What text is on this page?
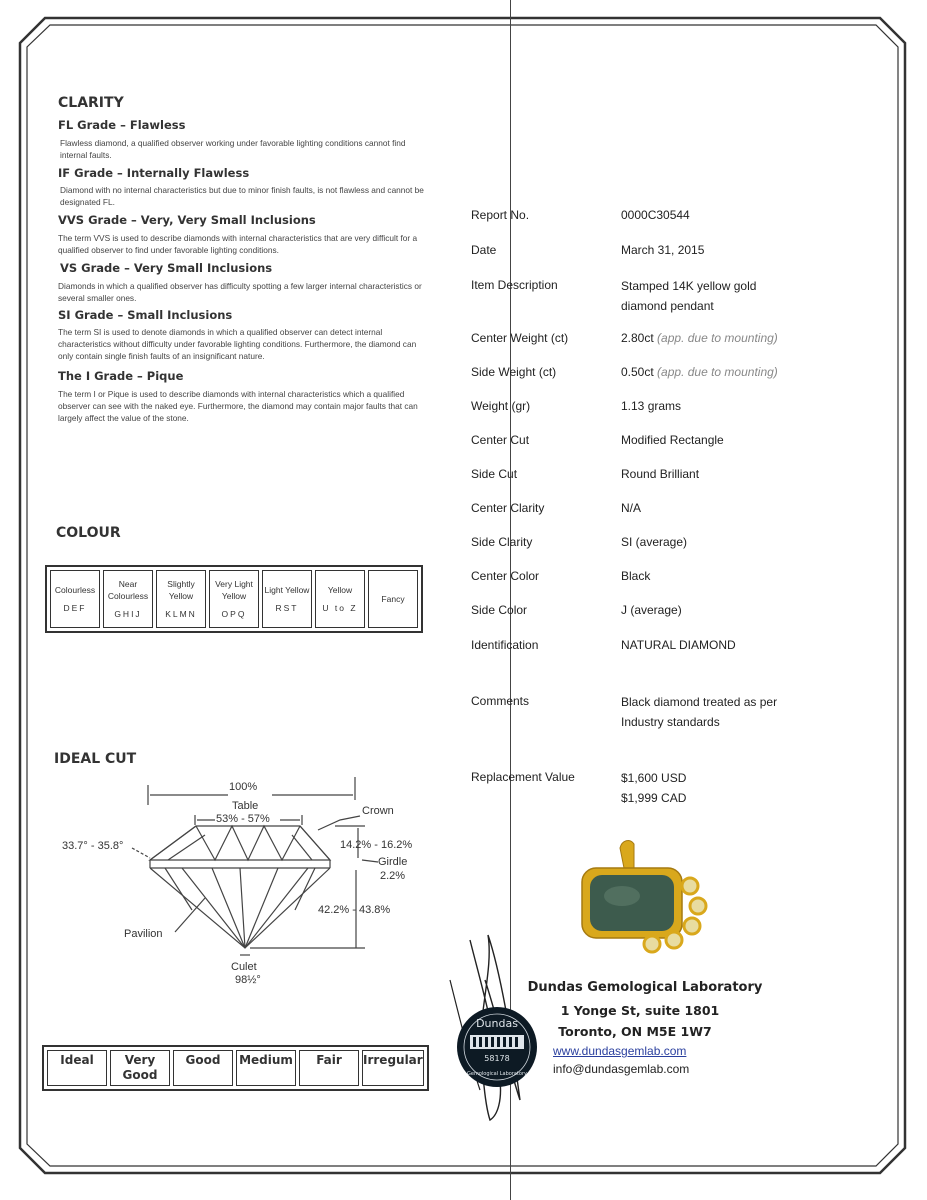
CLARITY
FL Grade – Flawless
Flawless diamond, a qualified observer working under favorable lighting conditions cannot find internal faults.
IF Grade – Internally Flawless
Diamond with no internal characteristics but due to minor finish faults, is not flawless and cannot be designated FL.
VVS Grade – Very, Very Small Inclusions
The term VVS is used to describe diamonds with internal characteristics that are very difficult for a qualified observer to find under favorable lighting conditions.
VS Grade – Very Small Inclusions
Diamonds in which a qualified observer has difficulty spotting a few larger internal characteristics or several smaller ones.
SI Grade – Small Inclusions
The term SI is used to denote diamonds in which a qualified observer can detect internal characteristics without difficulty under favorable lighting conditions. Furthermore, the diamond can only contain single finish faults of an insignificant nature.
The I Grade – Pique
The term I or Pique is used to describe diamonds with internal characteristics which a qualified observer can see with the naked eye. Furthermore, the diamond may contain major faults that can largely affect the value of the stone.
COLOUR
Colourless
DEF
	Near Colourless
GHIJ
	Slightly Yellow
KLMN
	Very Light Yellow
OPQ
	Light Yellow
RST
	Yellow
U to Z
	Fancy
IDEAL CUT
100%
Table
53% - 57%
Crown
33.7° - 35.8°	14.2% - 16.2%
Girdle
2.2%
42.2% - 43.8%
Pavilion
Culet
98½°
Ideal	Very Good	Good	Medium	Fair	Irregular
Report No.	0000C30544
Date	March 31, 2015
Item Description	Stamped 14K yellow gold
diamond pendant
Center Weight (ct)	2.80ct (app. due to mounting)
Side Weight (ct)	0.50ct (app. due to mounting)
Weight (gr)	1.13 grams
Center Cut	Modified Rectangle
Side Cut	Round Brilliant
Center Clarity	N/A
Side Clarity	SI (average)
Center Color	Black
Side Color	J (average)
Identification	NATURAL DIAMOND
Comments	Black diamond treated as per
Industry standards
Replacement Value	$1,600 USD
$1,999 CAD
Dundas
58178
Gemological Laboratory
Dundas Gemological Laboratory
1 Yonge St, suite 1801
Toronto, ON M5E 1W7
www.dundasgemlab.com
info@dundasgemlab.com
